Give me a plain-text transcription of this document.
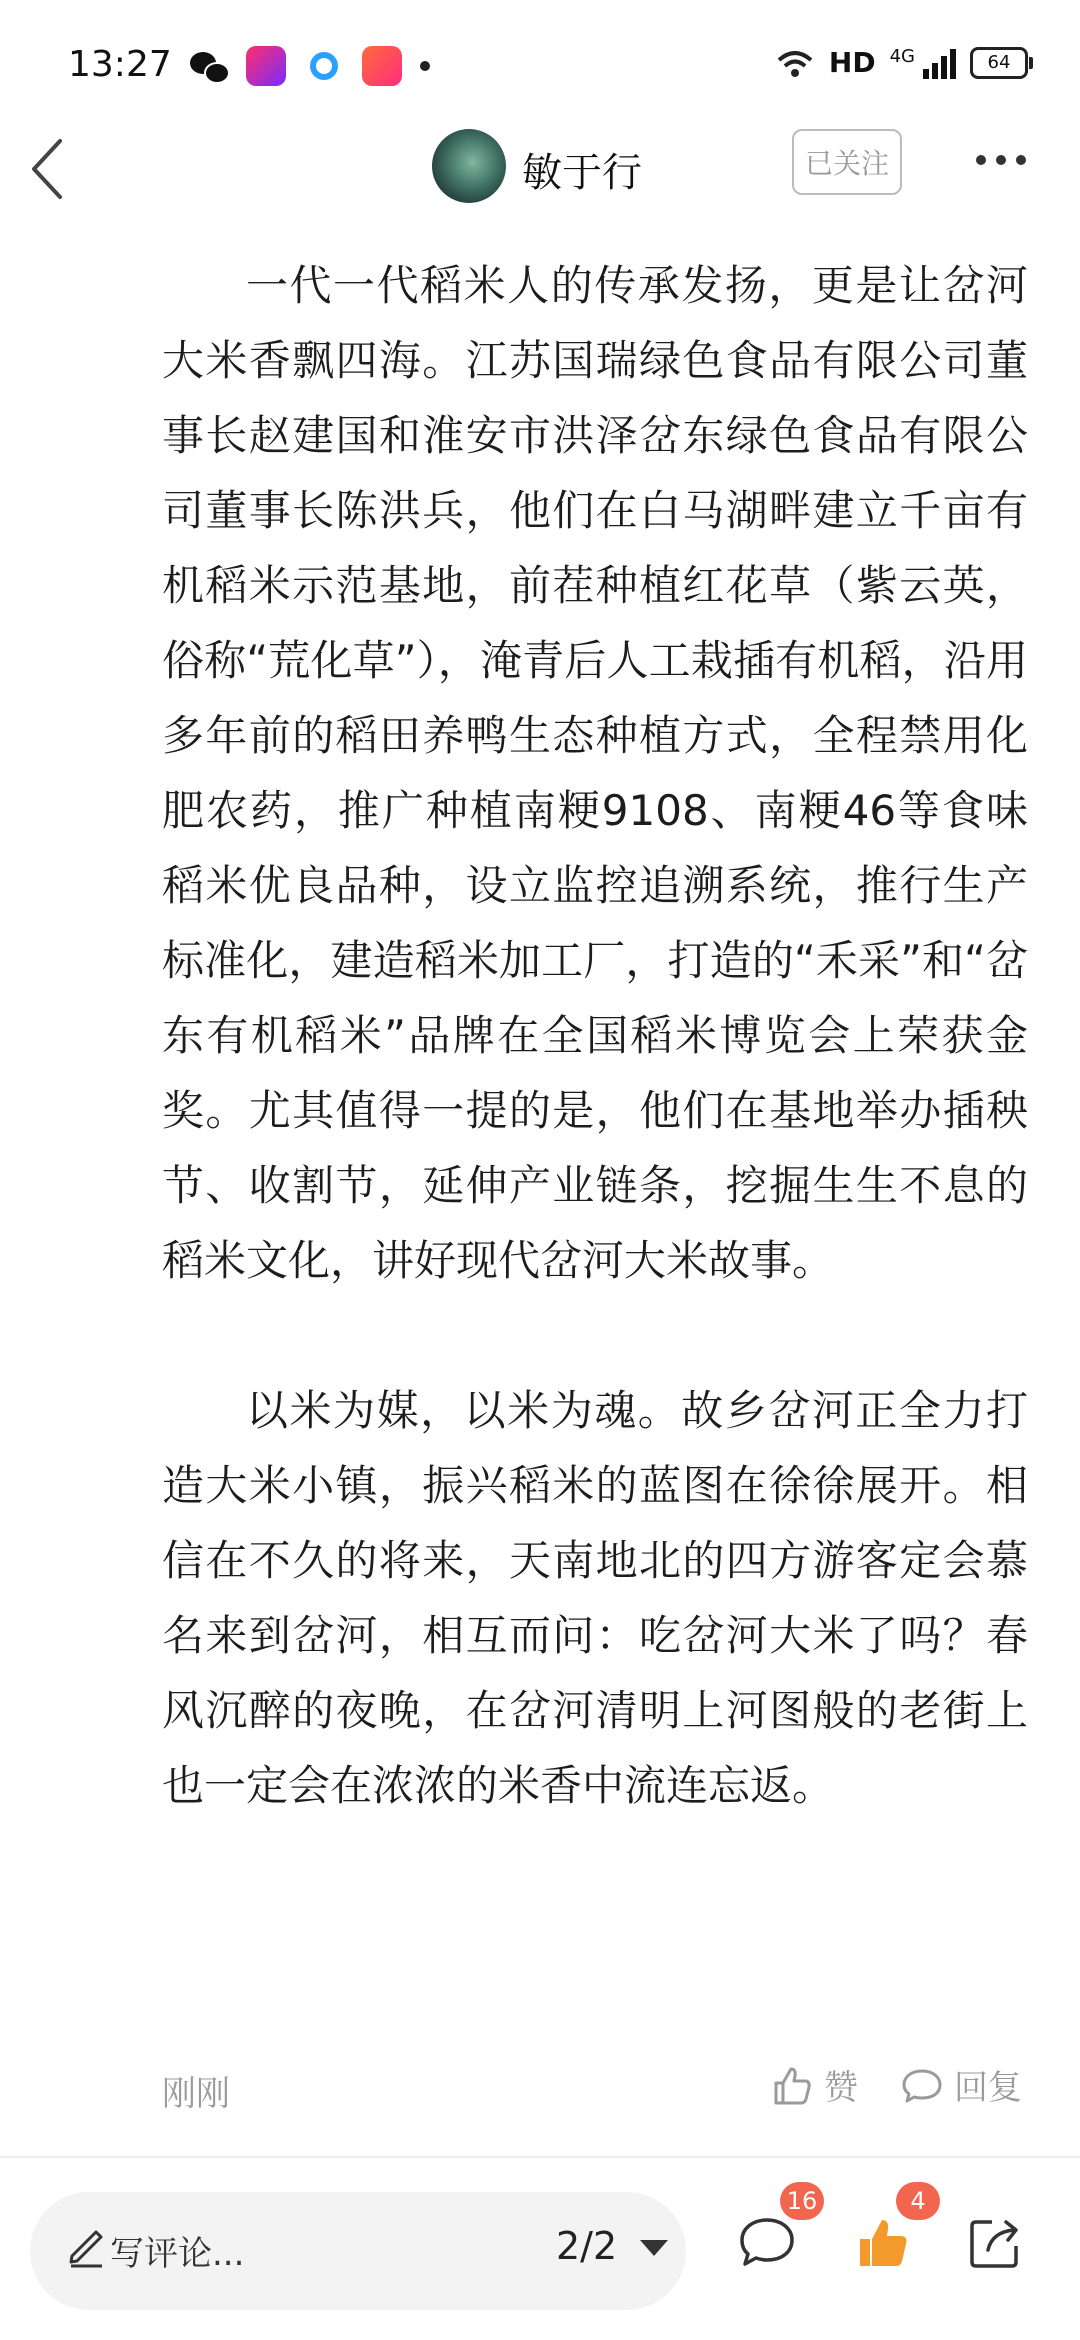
13:27	HD 4G	64
敏于行	已关注

一代一代稻米人的传承发扬，更是让岔河大米香飘四海。江苏国瑞绿色食品有限公司董事长赵建国和淮安市洪泽岔东绿色食品有限公司董事长陈洪兵，他们在白马湖畔建立千亩有机稻米示范基地，前茬种植红花草（紫云英，俗称“荒化草”），淹青后人工栽插有机稻，沿用多年前的稻田养鸭生态种植方式，全程禁用化肥农药，推广种植南粳9108、南粳46等食味稻米优良品种，设立监控追溯系统，推行生产标准化，建造稻米加工厂，打造的“禾采”和“岔东有机稻米”品牌在全国稻米博览会上荣获金奖。尤其值得一提的是，他们在基地举办插秧节、收割节，延伸产业链条，挖掘生生不息的稻米文化，讲好现代岔河大米故事。

以米为媒，以米为魂。故乡岔河正全力打造大米小镇，振兴稻米的蓝图在徐徐展开。相信在不久的将来，天南地北的四方游客定会慕名来到岔河，相互而问：吃岔河大米了吗？春风沉醉的夜晚，在岔河清明上河图般的老街上也一定会在浓浓的米香中流连忘返。

刚刚	赞	回复
写评论...	2/2
16	4
